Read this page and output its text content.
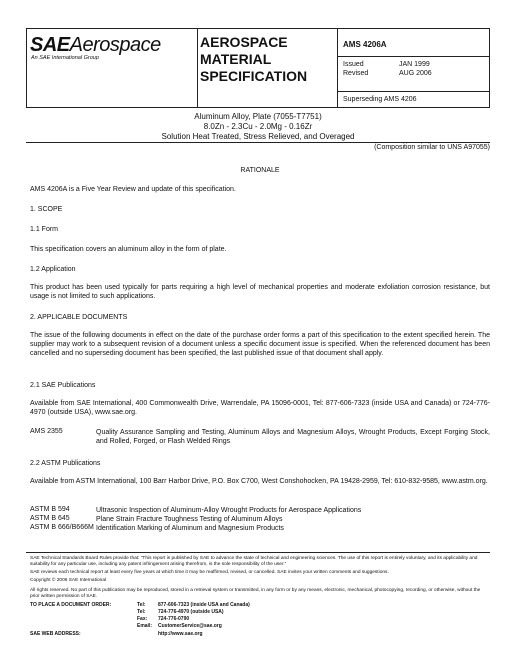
SAEAerospace
An SAE International Group
AEROSPACE
MATERIAL
SPECIFICATION
AMS 4206A
Issued	JAN 1999
Revised	AUG 2006
Superseding AMS 4206
Aluminum Alloy, Plate (7055-T7751)
8.0Zn - 2.3Cu - 2.0Mg - 0.16Zr
Solution Heat Treated, Stress Relieved, and Overaged
(Composition similar to UNS A97055)
RATIONALE
AMS 4206A is a Five Year Review and update of this specification.
1. SCOPE
1.1 Form
This specification covers an aluminum alloy in the form of plate.
1.2 Application
This product has been used typically for parts requiring a high level of mechanical properties and moderate exfoliation corrosion resistance, but usage is not limited to such applications.
2. APPLICABLE DOCUMENTS
The issue of the following documents in effect on the date of the purchase order forms a part of this specification to the extent specified herein. The supplier may work to a subsequent revision of a document unless a specific document issue is specified. When the referenced document has been cancelled and no superseding document has been specified, the last published issue of that document shall apply.
2.1 SAE Publications
Available from SAE International, 400 Commonwealth Drive, Warrendale, PA 15096-0001, Tel: 877-606-7323 (inside USA and Canada) or 724-776-4970 (outside USA), www.sae.org.
AMS 2355	Quality Assurance Sampling and Testing, Aluminum Alloys and Magnesium Alloys, Wrought Products, Except Forging Stock, and Rolled, Forged, or Flash Welded Rings
2.2 ASTM Publications
Available from ASTM International, 100 Barr Harbor Drive, P.O. Box C700, West Conshohocken, PA 19428-2959, Tel: 610-832-9585, www.astm.org.
ASTM B 594	Ultrasonic Inspection of Aluminum-Alloy Wrought Products for Aerospace Applications
ASTM B 645	Plane Strain Fracture Toughness Testing of Aluminum Alloys
ASTM B 666/B666M Identification Marking of Aluminum and Magnesium Products
SAE Technical Standards Board Rules provide that: “This report is published by SAE to advance the state of technical and engineering sciences. The use of this report is entirely voluntary, and its applicability and suitability for any particular use, including any patent infringement arising therefrom, is the sole responsibility of the user.”
SAE reviews each technical report at least every five years at which time it may be reaffirmed, revised, or cancelled. SAE invites your written comments and suggestions.
Copyright © 2006 SAE International
All rights reserved. No part of this publication may be reproduced, stored in a retrieval system or transmitted, in any form or by any means, electronic, mechanical, photocopying, recording, or otherwise, without the prior written permission of SAE.
TO PLACE A DOCUMENT ORDER:	Tel: 877-606-7323 (inside USA and Canada)
Tel: 724-776-4970 (outside USA)
Fax: 724-776-0790
Email: CustomerService@sae.org
SAE WEB ADDRESS:	http://www.sae.org
